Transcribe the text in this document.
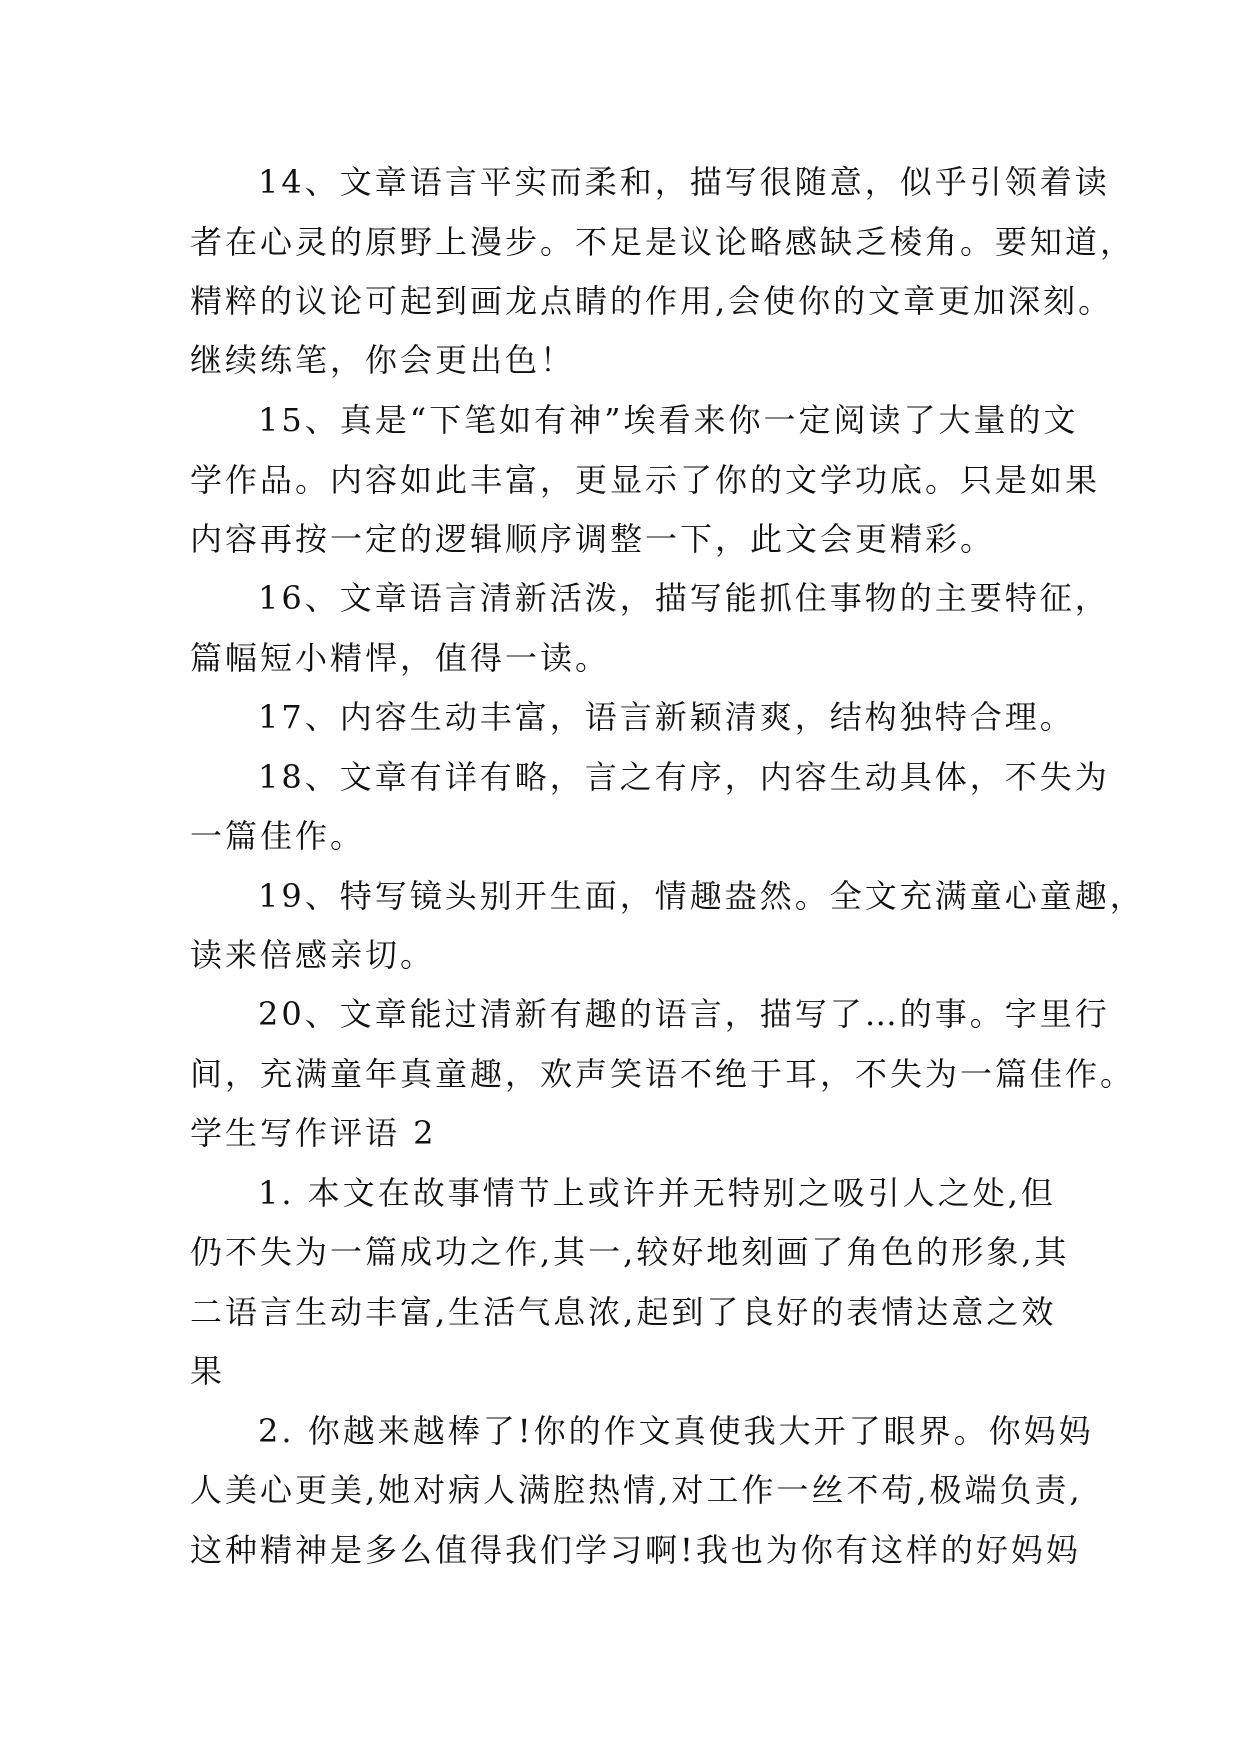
14、文章语言平实而柔和，描写很随意，似乎引领着读
者在心灵的原野上漫步。不足是议论略感缺乏棱角。要知道，
精粹的议论可起到画龙点睛的作用,会使你的文章更加深刻。
继续练笔，你会更出色！
15、真是“下笔如有神”埃看来你一定阅读了大量的文
学作品。内容如此丰富，更显示了你的文学功底。只是如果
内容再按一定的逻辑顺序调整一下，此文会更精彩。
16、文章语言清新活泼，描写能抓住事物的主要特征，
篇幅短小精悍，值得一读。
17、内容生动丰富，语言新颖清爽，结构独特合理。
18、文章有详有略，言之有序，内容生动具体，不失为
一篇佳作。
19、特写镜头别开生面，情趣盎然。全文充满童心童趣，
读来倍感亲切。
20、文章能过清新有趣的语言，描写了…的事。字里行
间，充满童年真童趣，欢声笑语不绝于耳，不失为一篇佳作。
学生写作评语 2
1. 本文在故事情节上或许并无特别之吸引人之处,但
仍不失为一篇成功之作,其一,较好地刻画了角色的形象,其
二语言生动丰富,生活气息浓,起到了良好的表情达意之效
果
2. 你越来越棒了!你的作文真使我大开了眼界。你妈妈
人美心更美,她对病人满腔热情,对工作一丝不苟,极端负责,
这种精神是多么值得我们学习啊!我也为你有这样的好妈妈
